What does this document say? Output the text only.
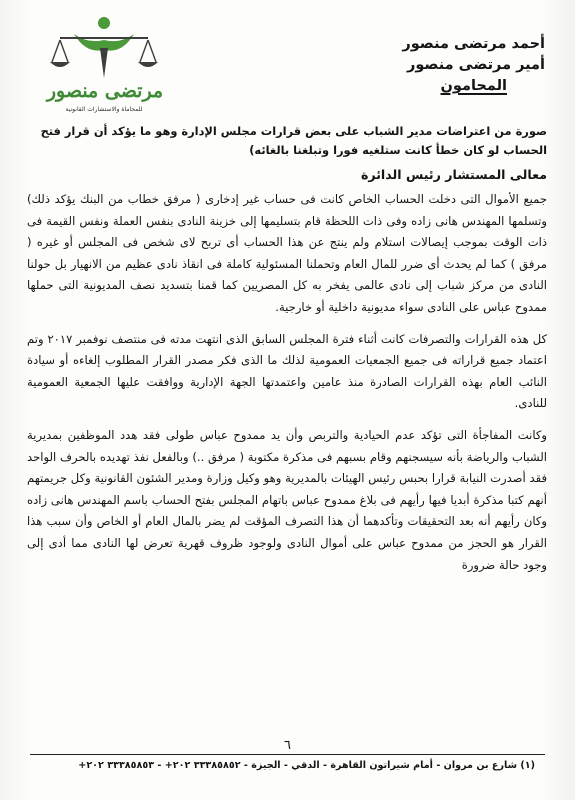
أحمد مرتضى منصور
أمير مرتضى منصور
المحامون
مرتضى منصور
للمحاماة والاستشارات القانونية
صورة من اعتراضات مدير الشباب على بعض قرارات مجلس الإدارة وهو ما يؤكد أن قرار فتح الحساب لو كان خطأ كانت ستلغيه فورا وتبلغنا بالغائه)
معالى المستشار رئيس الدائرة

جميع الأموال التى دخلت الحساب الخاص كانت فى حساب غير إدخارى ( مرفق خطاب من البنك يؤكد ذلك) وتسلمها المهندس هانى زاده وفى ذات اللحظة قام بتسليمها إلى خزينة النادى بنفس العملة ونفس القيمة فى ذات الوقت بموجب إيصالات استلام ولم ينتج عن هذا الحساب أى تربح لاى شخص فى المجلس أو غيره ( مرفق ) كما لم يحدث أى ضرر للمال العام وتحملنا المسئولية كاملة فى انقاذ نادى عظيم من الانهيار بل حولنا النادى من مركز شباب إلى نادى عالمى يفخر به كل المصريين كما قمنا بتسديد نصف المديونية التى حملها ممدوح عباس على النادى سواء مديونية داخلية أو خارجية.

كل هذه القرارات والتصرفات كانت أثناء فترة المجلس السابق الذى انتهت مدته فى منتصف نوفمبر ٢٠١٧ وتم اعتماد جميع قراراته فى جميع الجمعيات العمومية لذلك ما الذى فكر مصدر القرار المطلوب إلغاءه أو سيادة النائب العام بهذه القرارات الصادرة منذ عامين واعتمدتها الجهة الإدارية ووافقت عليها الجمعية العمومية للنادى.

وكانت المفاجأة التى تؤكد عدم الحيادية والتربص وأن يد ممدوح عباس طولى فقد هدد الموظفين بمديرية الشباب والرياضة بأنه سيسجنهم وقام بسبهم فى مذكرة مكتوبة ( مرفق ..) وبالفعل نفذ تهديده بالحرف الواحد فقد أصدرت النيابة قرارا بحبس رئيس الهيئات بالمديرية وهو وكيل وزارة ومدير الشئون القانونية وكل جريمتهم أنهم كتبا مذكرة أبديا فيها رأيهم فى بلاغ ممدوح عباس باتهام المجلس بفتح الحساب باسم المهندس هانى زاده وكان رأيهم أنه بعد التحقيقات وتأكدهما أن هذا التصرف المؤقت لم يضر بالمال العام أو الخاص وأن سبب هذا القرار هو الحجز من ممدوح عباس على أموال النادى ولوجود ظروف قهرية تعرض لها النادى مما أدى إلى وجود حالة ضرورة

٦
(١) شارع بن مروان - أمام شيراتون القاهرة - الدقي - الجيزة - ٣٣٣٨٥٨٥٢ ٢٠٢+ - ٣٣٣٨٥٨٥٣ ٢٠٢+
